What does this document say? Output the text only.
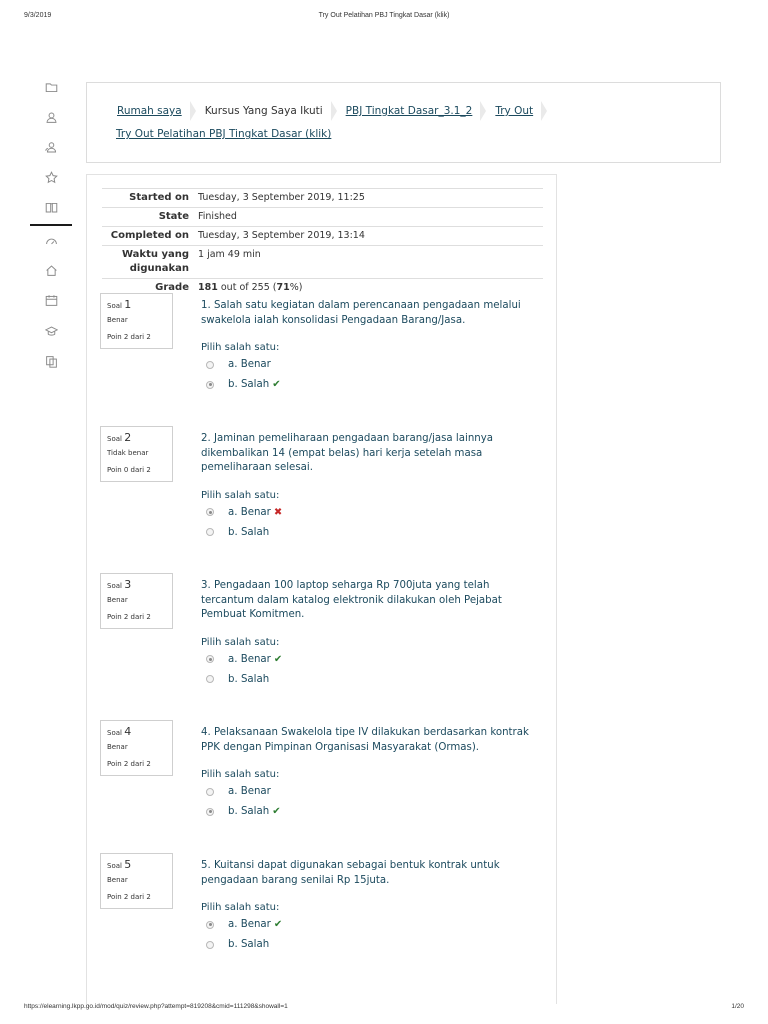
9/3/2019	Try Out Pelatihan PBJ Tingkat Dasar (klik)
Rumah saya Kursus Yang Saya Ikuti PBJ Tingkat Dasar_3.1_2 Try Out
Try Out Pelatihan PBJ Tingkat Dasar (klik)
Started on Tuesday, 3 September 2019, 11:25
State Finished
Completed on Tuesday, 3 September 2019, 13:14
Waktu yang digunakan
1 jam 49 min
Grade 181 out of 255 (71%)
Soal 1
Benar
Poin 2 dari 2
1. Salah satu kegiatan dalam perencanaan pengadaan melalui swakelola ialah konsolidasi Pengadaan Barang/Jasa.
Pilih salah satu:
a. Benar
b. Salah ✔
Soal 2
Tidak benar
Poin 0 dari 2
2. Jaminan pemeliharaan pengadaan barang/jasa lainnya dikembalikan 14 (empat belas) hari kerja setelah masa pemeliharaan selesai.
Pilih salah satu:
a. Benar ✖
b. Salah
Soal 3
Benar
Poin 2 dari 2
3. Pengadaan 100 laptop seharga Rp 700juta yang telah tercantum dalam katalog elektronik dilakukan oleh Pejabat Pembuat Komitmen.
Pilih salah satu:
a. Benar ✔
b. Salah
Soal 4
Benar
Poin 2 dari 2
4. Pelaksanaan Swakelola tipe IV dilakukan berdasarkan kontrak PPK dengan Pimpinan Organisasi Masyarakat (Ormas).
Pilih salah satu:
a. Benar
b. Salah ✔
Soal 5
Benar
Poin 2 dari 2
5. Kuitansi dapat digunakan sebagai bentuk kontrak untuk pengadaan barang senilai Rp 15juta.
Pilih salah satu:
a. Benar ✔
b. Salah
https://elearning.lkpp.go.id/mod/quiz/review.php?attempt=819208&cmid=111298&showall=1	1/20
